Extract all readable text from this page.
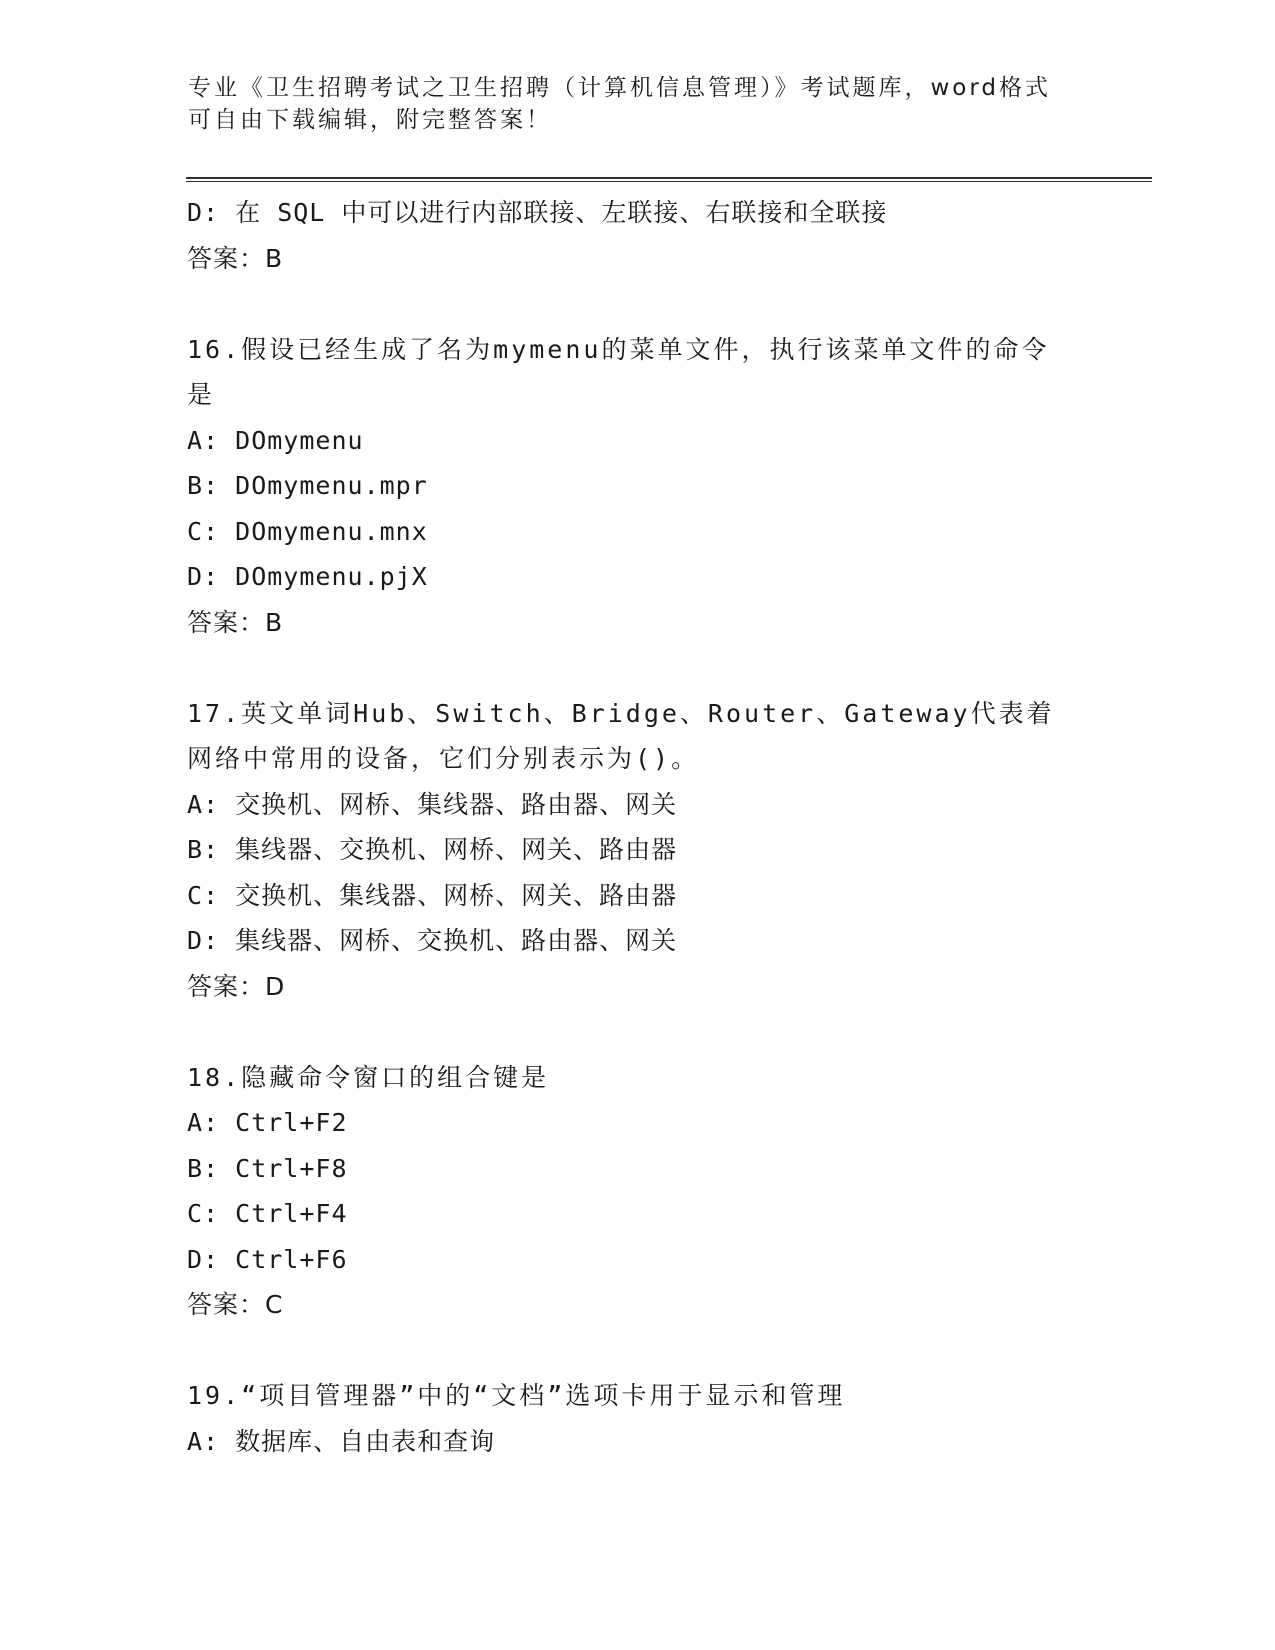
专业《卫生招聘考试之卫生招聘（计算机信息管理）》考试题库，word格式可自由下载编辑，附完整答案！
D: 在 SQL 中可以进行内部联接、左联接、右联接和全联接
答案：B
16.假设已经生成了名为mymenu的菜单文件，执行该菜单文件的命令是
A: DOmymenu
B: DOmymenu.mpr
C: DOmymenu.mnx
D: DOmymenu.pjX
答案：B
17.英文单词Hub、Switch、Bridge、Router、Gateway代表着网络中常用的设备，它们分别表示为()。
A: 交换机、网桥、集线器、路由器、网关
B: 集线器、交换机、网桥、网关、路由器
C: 交换机、集线器、网桥、网关、路由器
D: 集线器、网桥、交换机、路由器、网关
答案：D
18.隐藏命令窗口的组合键是
A: Ctrl+F2
B: Ctrl+F8
C: Ctrl+F4
D: Ctrl+F6
答案：C
19.“项目管理器”中的“文档”选项卡用于显示和管理
A: 数据库、自由表和查询
